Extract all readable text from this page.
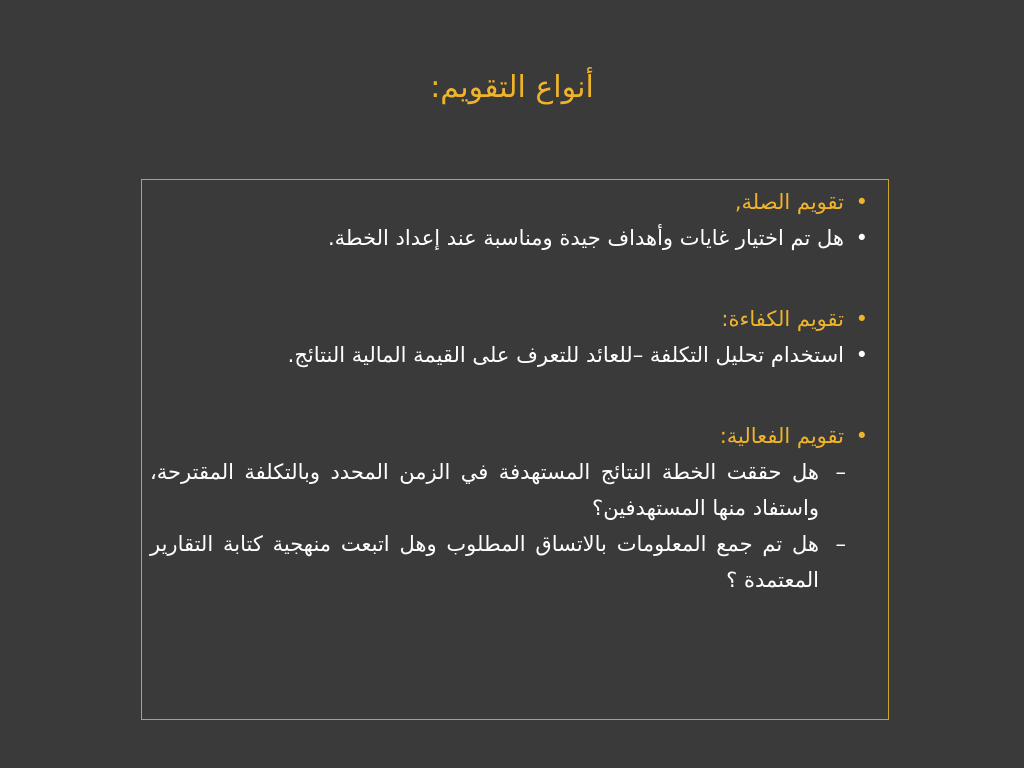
أنواع التقويم:
•
تقويم الصلة,
•
هل تم اختيار غايات وأهداف جيدة ومناسبة عند إعداد الخطة.
•
تقويم الكفاءة:
•
استخدام تحليل التكلفة –للعائد للتعرف على القيمة المالية النتائج.
•
تقويم الفعالية:
–
هل حققت الخطة النتائج المستهدفة في الزمن المحدد وبالتكلفة المقترحة، واستفاد منها المستهدفين؟
–
هل تم جمع المعلومات بالاتساق المطلوب وهل اتبعت منهجية كتابة التقارير المعتمدة ؟
